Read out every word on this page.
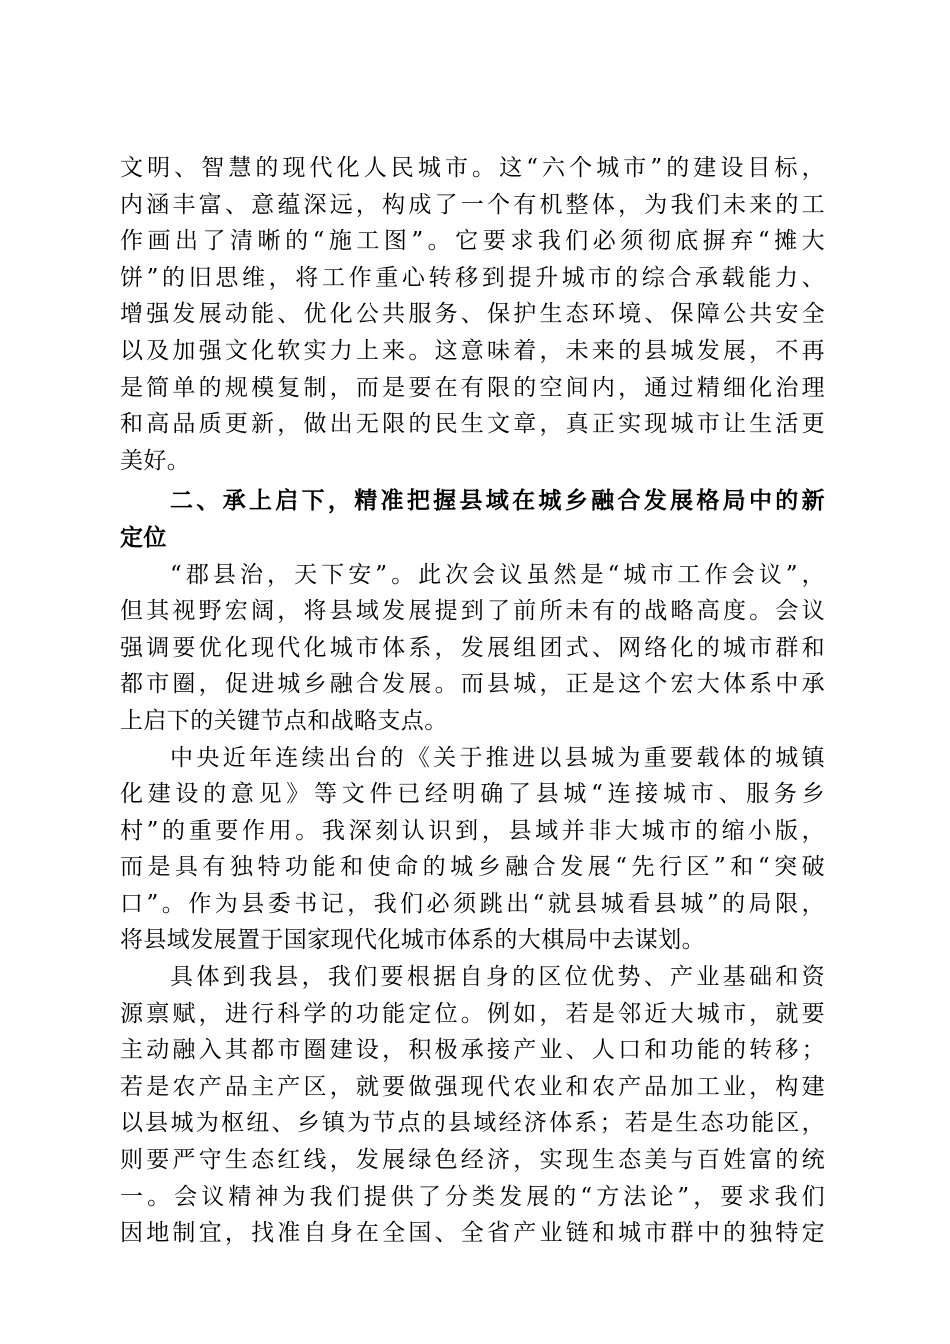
文明、智慧的现代化人民城市。这“六个城市”的建设目标，
内涵丰富、意蕴深远，构成了一个有机整体，为我们未来的工
作画出了清晰的“施工图”。它要求我们必须彻底摒弃“摊大
饼”的旧思维，将工作重心转移到提升城市的综合承载能力、
增强发展动能、优化公共服务、保护生态环境、保障公共安全
以及加强文化软实力上来。这意味着，未来的县城发展，不再
是简单的规模复制，而是要在有限的空间内，通过精细化治理
和高品质更新，做出无限的民生文章，真正实现城市让生活更
美好。
二、承上启下，精准把握县域在城乡融合发展格局中的新
定位
“郡县治，天下安”。此次会议虽然是“城市工作会议”，
但其视野宏阔，将县域发展提到了前所未有的战略高度。会议
强调要优化现代化城市体系，发展组团式、网络化的城市群和
都市圈，促进城乡融合发展。而县城，正是这个宏大体系中承
上启下的关键节点和战略支点。
中央近年连续出台的《关于推进以县城为重要载体的城镇
化建设的意见》等文件已经明确了县城“连接城市、服务乡
村”的重要作用。我深刻认识到，县域并非大城市的缩小版，
而是具有独特功能和使命的城乡融合发展“先行区”和“突破
口”。作为县委书记，我们必须跳出“就县城看县城”的局限，
将县域发展置于国家现代化城市体系的大棋局中去谋划。
具体到我县，我们要根据自身的区位优势、产业基础和资
源禀赋，进行科学的功能定位。例如，若是邻近大城市，就要
主动融入其都市圈建设，积极承接产业、人口和功能的转移；
若是农产品主产区，就要做强现代农业和农产品加工业，构建
以县城为枢纽、乡镇为节点的县域经济体系；若是生态功能区，
则要严守生态红线，发展绿色经济，实现生态美与百姓富的统
一。会议精神为我们提供了分类发展的“方法论”，要求我们
因地制宜，找准自身在全国、全省产业链和城市群中的独特定
